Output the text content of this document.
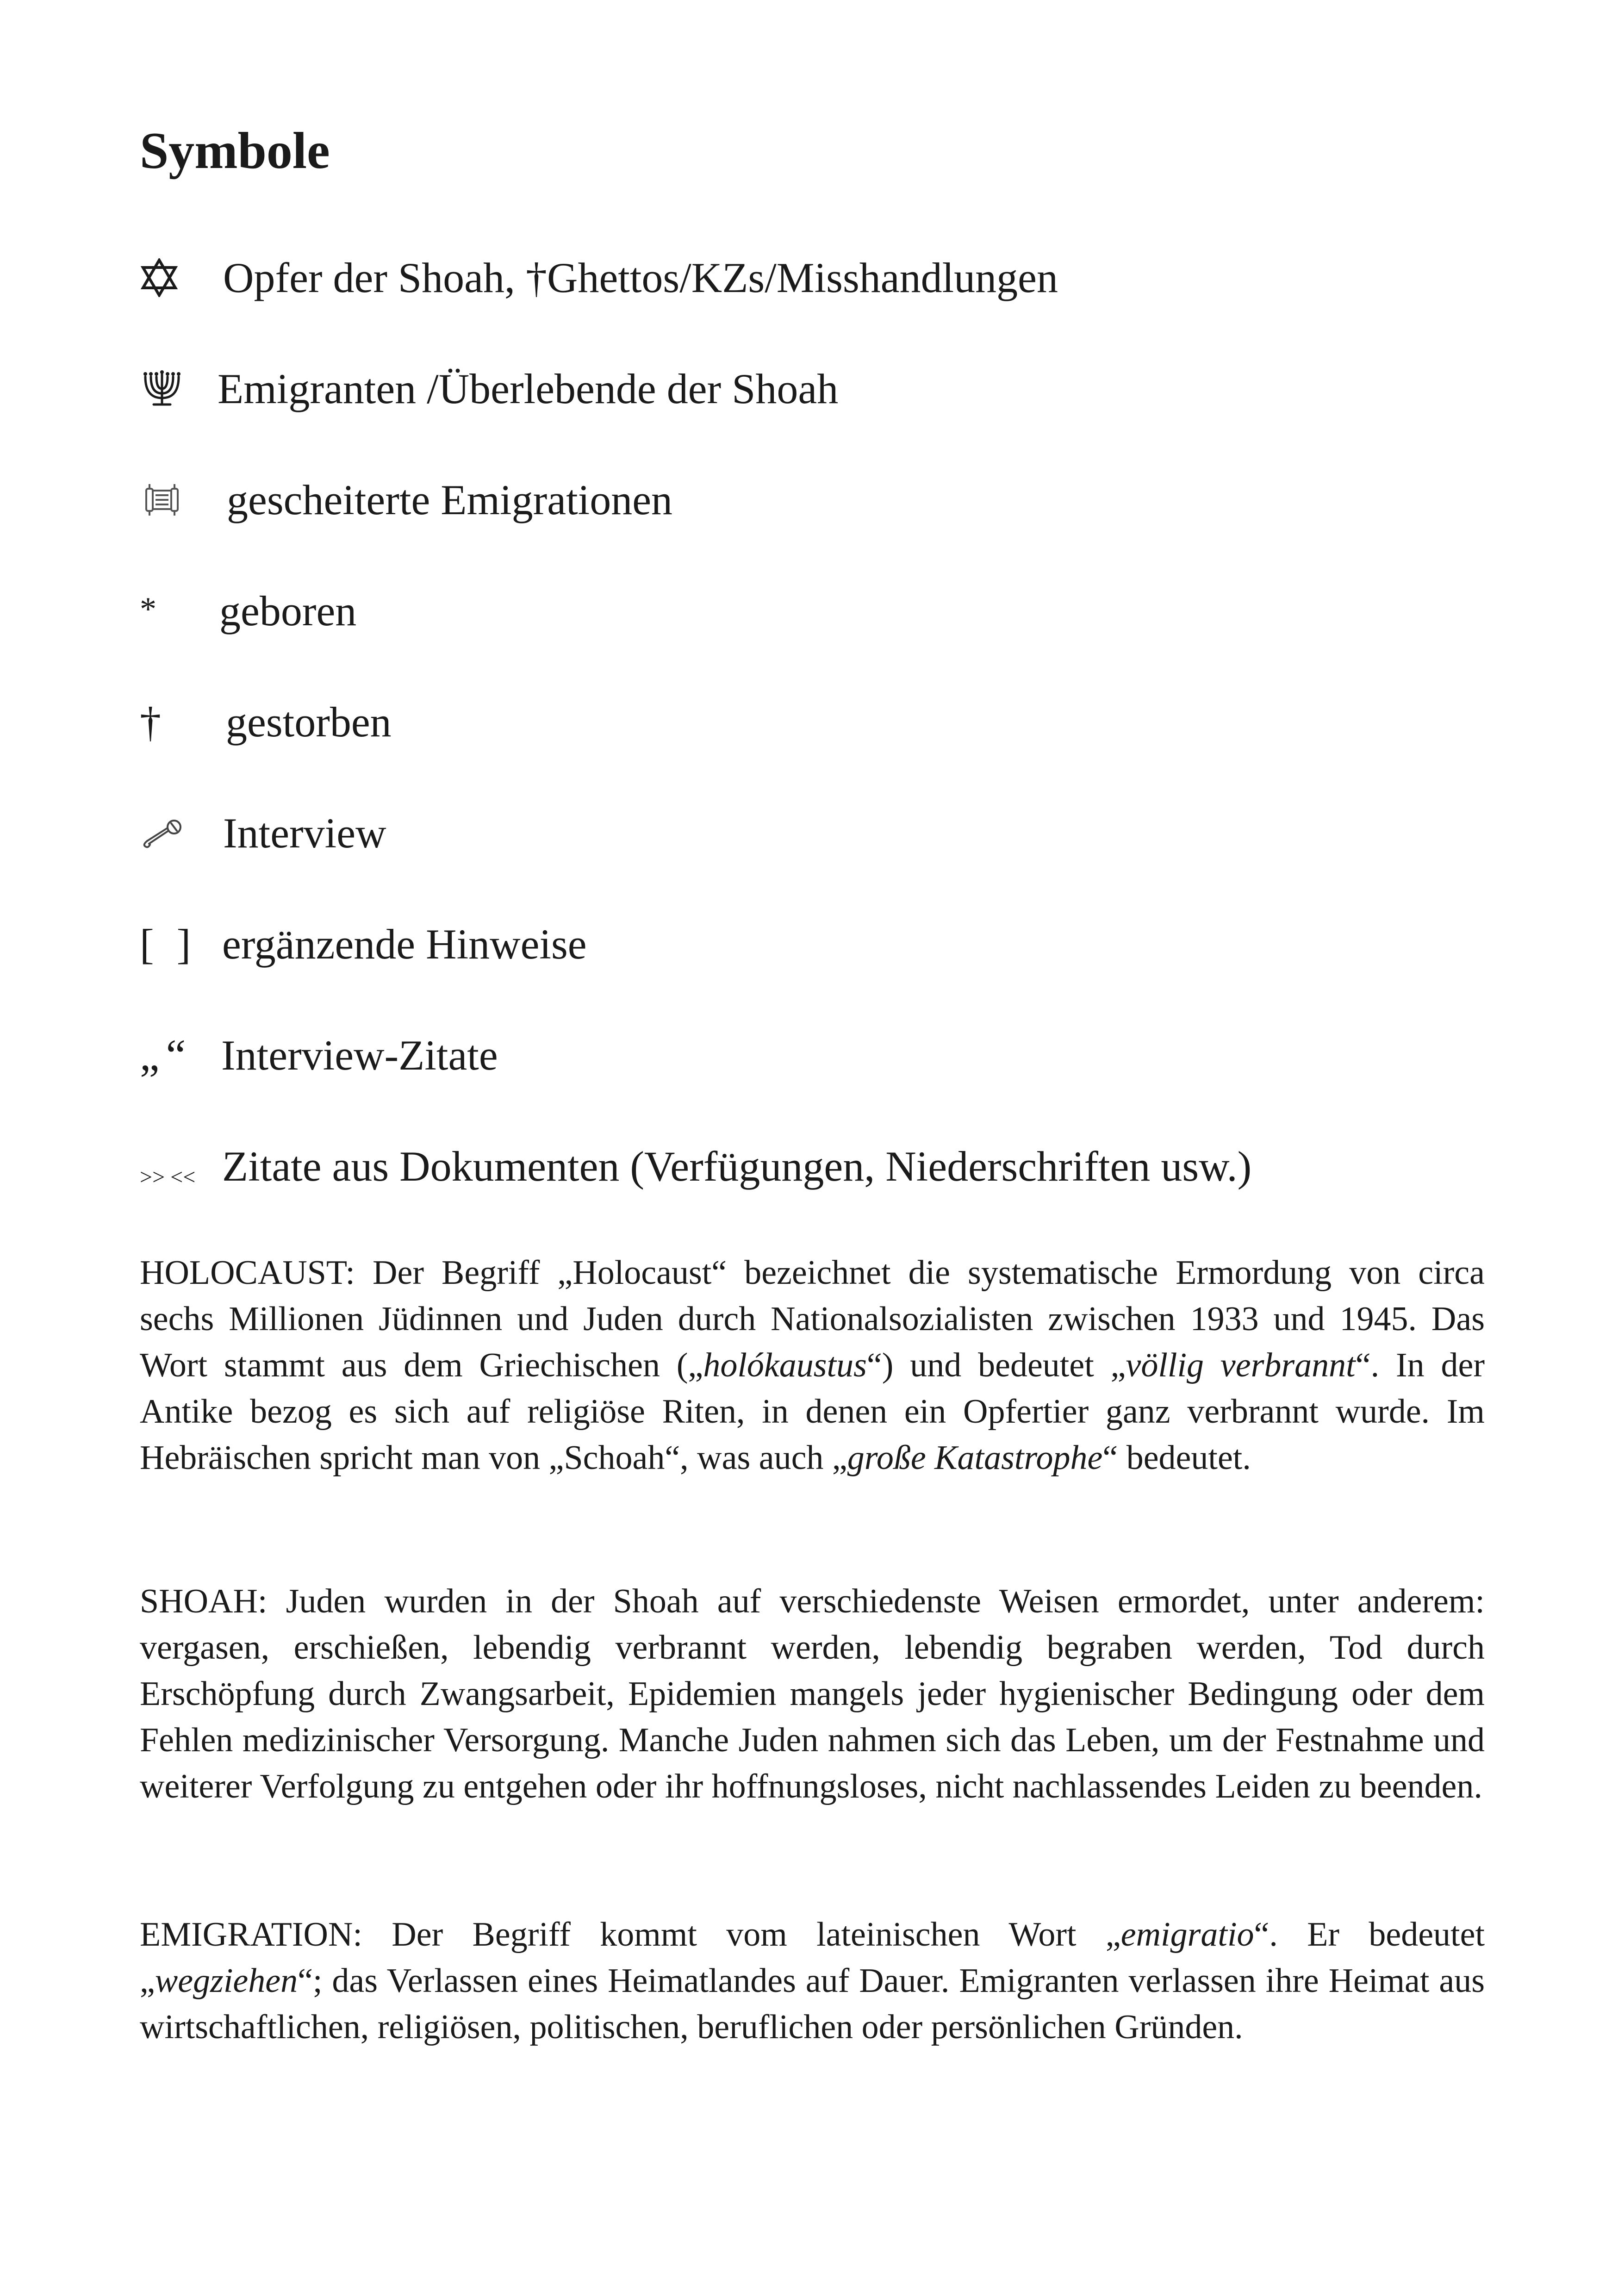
Symbole
Opfer der Shoah, †Ghettos/KZs/Misshandlungen
Emigranten /Überlebende der Shoah
gescheiterte Emigrationen
* geboren
† gestorben
Interview
[ ] ergänzende Hinweise
„“ Interview-Zitate
>> << Zitate aus Dokumenten (Verfügungen, Niederschriften usw.)

HOLOCAUST: Der Begriff „Holocaust“ bezeichnet die systematische Ermordung von circa sechs Millionen Jüdinnen und Juden durch Nationalsozialisten zwischen 1933 und 1945. Das Wort stammt aus dem Griechischen („holókaustus“) und bedeutet „völlig verbrannt“. In der Antike bezog es sich auf religiöse Riten, in denen ein Opfertier ganz verbrannt wurde. Im Hebräischen spricht man von „Schoah“, was auch „große Katastrophe“ bedeutet.

SHOAH: Juden wurden in der Shoah auf verschiedenste Weisen ermordet, unter anderem: vergasen, erschießen, lebendig verbrannt werden, lebendig begraben werden, Tod durch Erschöpfung durch Zwangsarbeit, Epidemien mangels jeder hygienischer Bedingung oder dem Fehlen medizinischer Versorgung. Manche Juden nahmen sich das Leben, um der Festnahme und weiterer Verfolgung zu entgehen oder ihr hoffnungsloses, nicht nachlassendes Leiden zu beenden.

EMIGRATION: Der Begriff kommt vom lateinischen Wort „emigratio“. Er bedeutet „wegziehen“; das Verlassen eines Heimatlandes auf Dauer. Emigranten verlassen ihre Heimat aus wirtschaftlichen, religiösen, politischen, beruflichen oder persönlichen Gründen.
